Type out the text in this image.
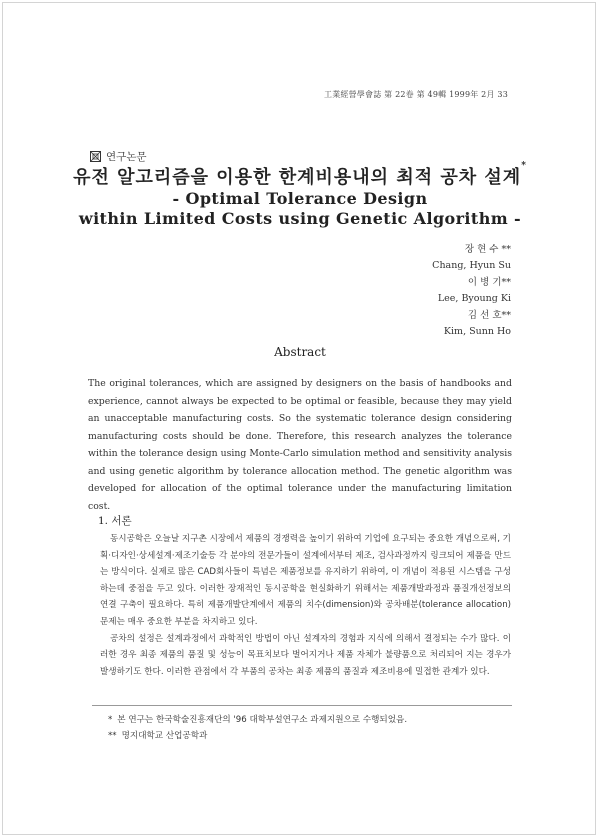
工業經營學會誌 第 22卷 第 49輯 1999年 2月 33
연구논문
유전 알고리즘을 이용한 한계비용내의 최적 공차 설계*
- Optimal Tolerance Design
within Limited Costs using Genetic Algorithm -
장 현 수 **
Chang, Hyun Su
이 병 기**
Lee, Byoung Ki
김 선 호**
Kim, Sunn Ho
Abstract
The original tolerances, which are assigned by designers on the basis of handbooks and experience, cannot always be expected to be optimal or feasible, because they may yield an unacceptable manufacturing costs. So the systematic tolerance design considering manufacturing costs should be done. Therefore, this research analyzes the tolerance within the tolerance design using Monte-Carlo simulation method and sensitivity analysis and using genetic algorithm by tolerance allocation method. The genetic algorithm was developed for allocation of the optimal tolerance under the manufacturing limitation cost.
1. 서론

동시공학은 오늘날 지구촌 시장에서 제품의 경쟁력을 높이기 위하여 기업에 요구되는 중요한 개념으로써, 기획·디자인·상세설계·제조기술등 각 분야의 전문가들이 설계에서부터 제조, 검사과정까지 링크되어 제품을 만드는 방식이다. 실제로 많은 CAD회사들이 특념은 제품정보를 유지하기 위하여, 이 개념이 적용된 시스템을 구성하는데 중점을 두고 있다. 이러한 장재적인 동시공학을 현실화하기 위해서는 제품개발과정과 품질개선정보의 연결 구축이 필요하다. 특히 제품개발단계에서 제품의 치수(dimension)와 공차배분(tolerance allocation) 문제는 매우 중요한 부분을 차지하고 있다.

공차의 설정은 설계과정에서 과학적인 방법이 아닌 설계자의 경험과 지식에 의해서 결정되는 수가 많다. 이러한 경우 최종 제품의 품질 및 성능이 목표치보다 벌어지거나 제품 자체가 불량품으로 처리되어 지는 경우가 발생하기도 한다. 이러한 관점에서 각 부품의 공차는 최종 제품의 품질과 제조비용에 밀접한 관계가 있다.

* 본 연구는 한국학술진흥재단의 '96 대학부설연구소 과제지원으로 수행되었음.
** 명지대학교 산업공학과
